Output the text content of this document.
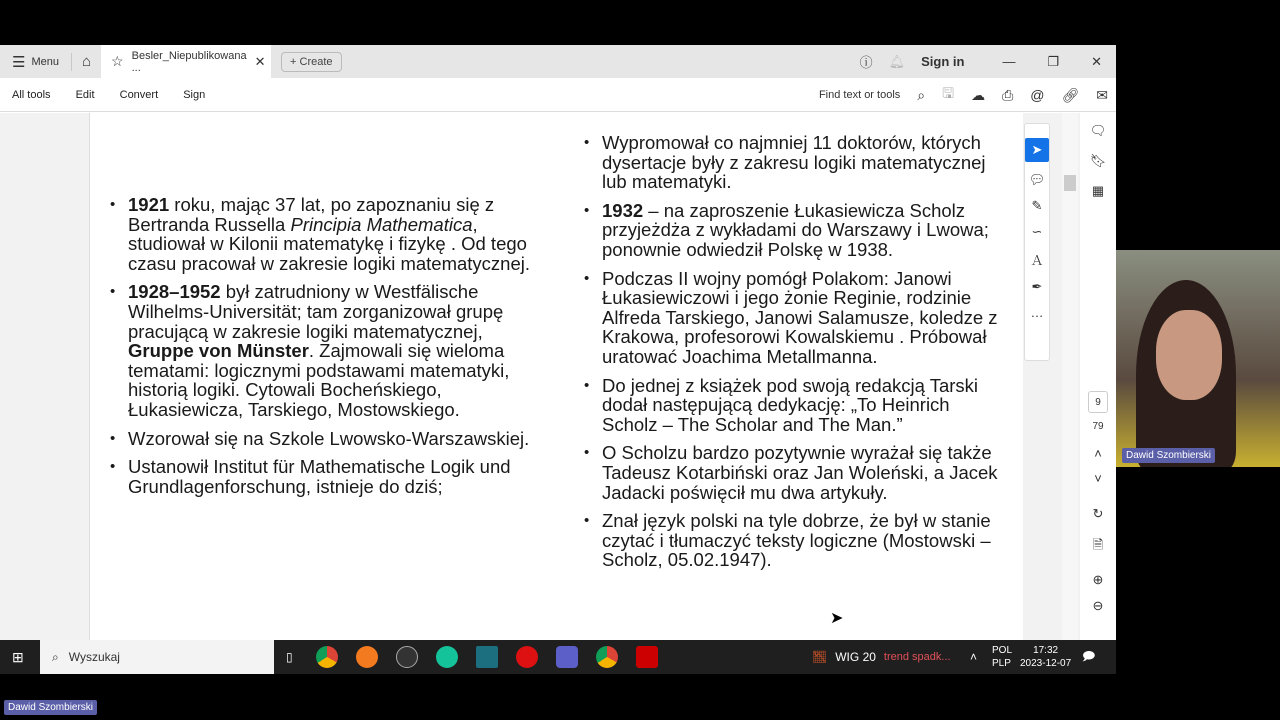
☰ Menu	⌂	☆ Besler_Niepublikowana ...	✕	+ Create	ⓘ 🔔︎ Sign in	— ❐ ✕
All tools Edit Convert Sign	Find text or tools ⌕ 🖫 ☁ ⎙ @ 🔗︎ ✉
• 1921 roku, mając 37 lat, po zapoznaniu się z Bertranda Russella Principia Mathematica, studiował w Kilonii matematykę i fizykę . Od tego czasu pracował w zakresie logiki matematycznej.
• 1928–1952 był zatrudniony w Westfälische Wilhelms-Universität; tam zorganizował grupę pracującą w zakresie logiki matematycznej, Gruppe von Münster. Zajmowali się wieloma tematami: logicznymi podstawami matematyki, historią logiki. Cytowali Bocheńskiego, Łukasiewicza, Tarskiego, Mostowskiego.
• Wzorował się na Szkole Lwowsko-Warszawskiej.
• Ustanowił Institut für Mathematische Logik und Grundlagenforschung, istnieje do dziś;
• Wypromował co najmniej 11 doktorów, których dysertacje były z zakresu logiki matematycznej lub matematyki.
• 1932 – na zaproszenie Łukasiewicza Scholz przyjeżdża z wykładami do Warszawy i Lwowa; ponownie odwiedził Polskę w 1938.
• Podczas II wojny pomógł Polakom: Janowi Łukasiewiczowi i jego żonie Reginie, rodzinie Alfreda Tarskiego, Janowi Salamusze, koledze z Krakowa, profesorowi Kowalskiemu . Próbował uratować Joachima Metallmanna.
• Do jednej z książek pod swoją redakcją Tarski dodał następującą dedykację: „To Heinrich Scholz – The Scholar and The Man.”
• O Scholzu bardzo pozytywnie wyrażał się także Tadeusz Kotarbiński oraz Jan Woleński, a Jacek Jadacki poświęcił mu dwa artykuły.
• Znał język polski na tyle dobrze, że był w stanie czytać i tłumaczyć teksty logiczne (Mostowski – Scholz, 05.02.1947).
➤
💬︎
✎
∽
Ａ
✒
…
🗨
🔖︎
▦
9
79
˄
˅
↻
🗎
⊕
⊖
⊞ ⌕ Wyszukaj	▯	📉︎ WIG 20 trend spadk... ˄ POL
PLP
17:32
2023-12-07
🗩
Dawid Szombierski
Dawid Szombierski
➤
